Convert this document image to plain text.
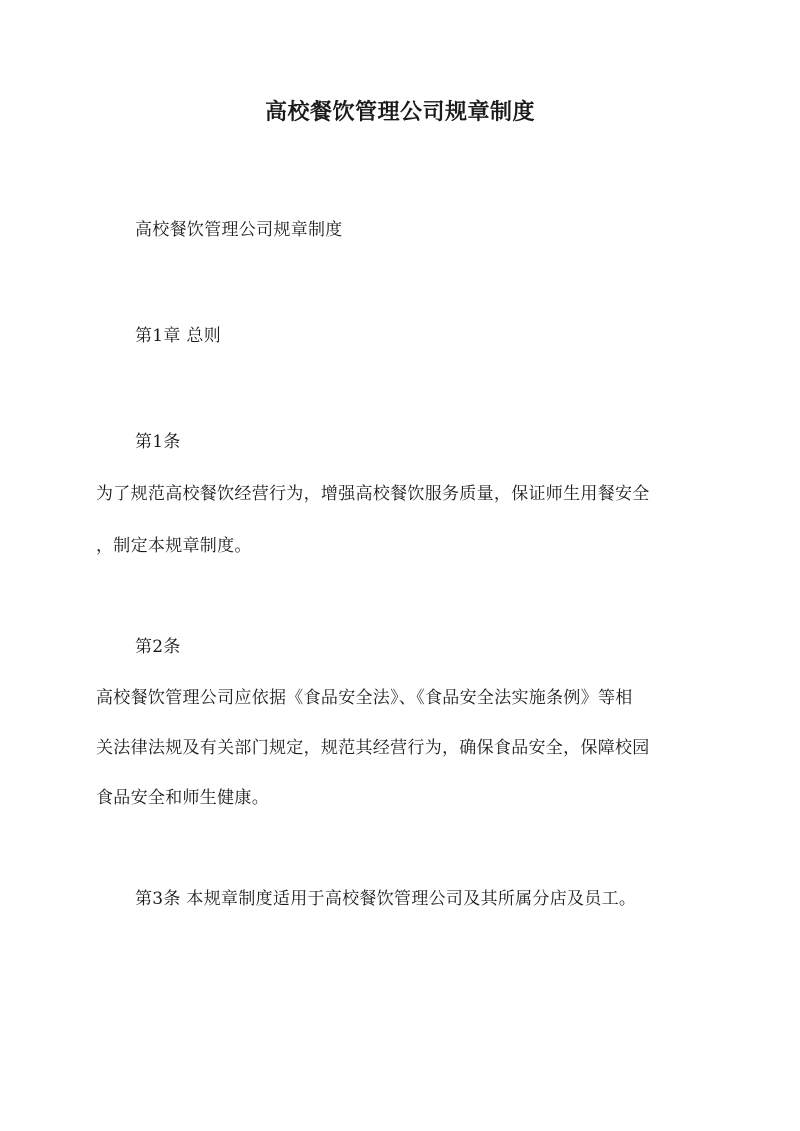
高校餐饮管理公司规章制度
高校餐饮管理公司规章制度
第1章 总则
第1条
为了规范高校餐饮经营行为，增强高校餐饮服务质量，保证师生用餐安全
，制定本规章制度。
第2条
高校餐饮管理公司应依据《食品安全法》、《食品安全法实施条例》等相
关法律法规及有关部门规定，规范其经营行为，确保食品安全，保障校园
食品安全和师生健康。
第3条 本规章制度适用于高校餐饮管理公司及其所属分店及员工。
